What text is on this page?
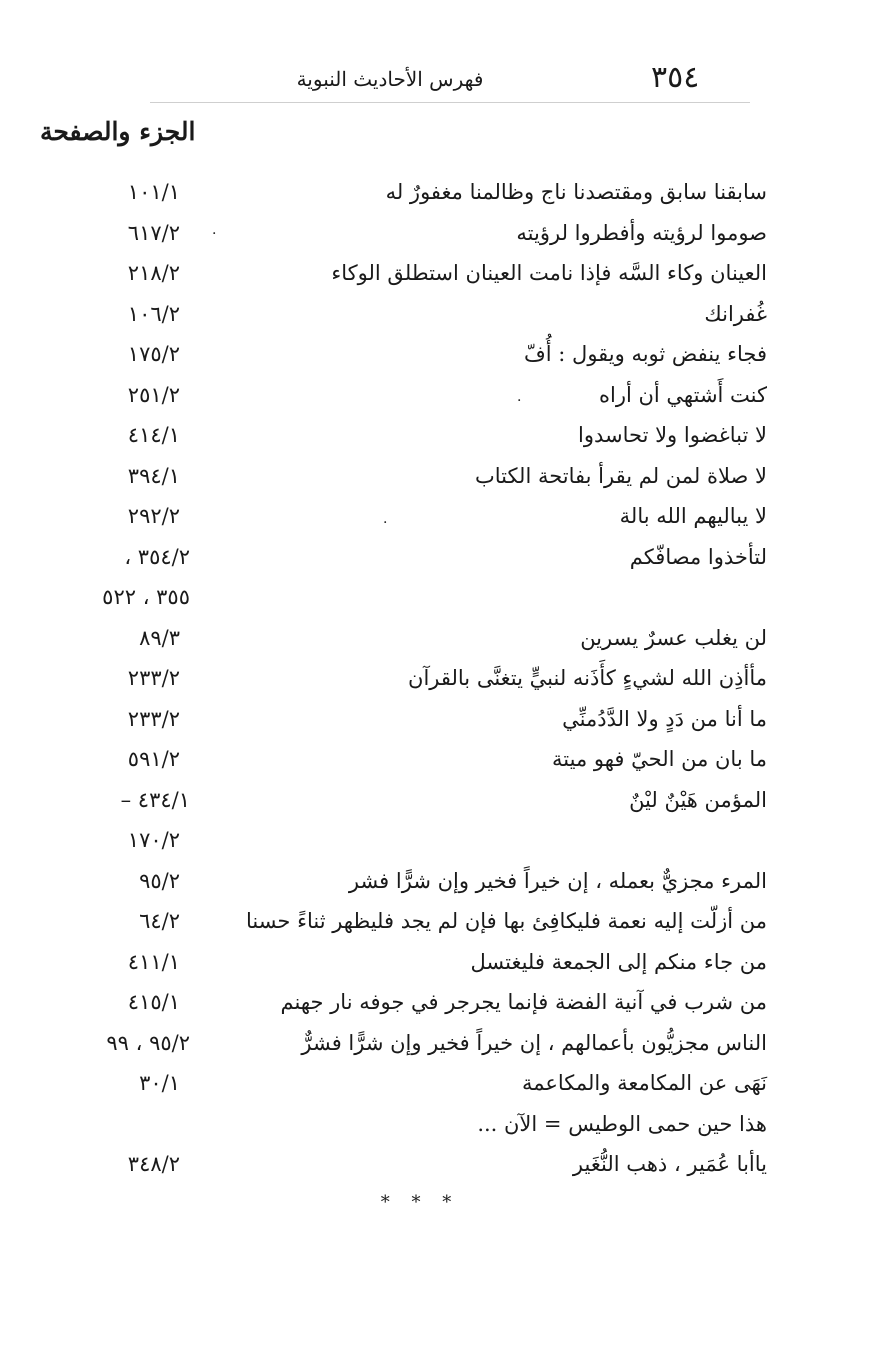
٣٥٤
فهرس الأحاديث النبوية
الجزء والصفحة
سابقنا سابق ومقتصدنا ناج وظالمنا مغفورٌ له
١٠١/١
صوموا لرؤيته وأفطروا لرؤيته
٦١٧/٢
العينان وكاء السَّه فإذا نامت العينان استطلق الوكاء
٢١٨/٢
غُفرانك
١٠٦/٢
فجاء ينفض ثوبه ويقول : أُفّ
١٧٥/٢
كنت أَشتهي أن أراه
٢٥١/٢
لا تباغضوا ولا تحاسدوا
٤١٤/١
لا صلاة لمن لم يقرأ بفاتحة الكتاب
٣٩٤/١
لا يباليهم الله بالة
٢٩٢/٢
لتأخذوا مصافّكم
٣٥٤/٢ ،
٣٥٥ ، ٥٢٢
لن يغلب عسرٌ يسرين
٨٩/٣
مأأذِن الله لشيءٍ كأَذَنه لنبيٍّ يتغنَّى بالقرآن
٢٣٣/٢
ما أنا من دَدٍ ولا الدَّدُمنِّي
٢٣٣/٢
ما بان من الحيّ فهو ميتة
٥٩١/٢
المؤمن هَيْنٌ ليْنٌ
٤٣٤/١ –
١٧٠/٢
المرء مجزيٌّ بعمله ، إن خيراً فخير وإن شرًّا فشر
٩٥/٢
من أزلّت إليه نعمة فليكافِئ بها فإن لم يجد فليظهر ثناءً حسنا
٦٤/٢
من جاء منكم إلى الجمعة فليغتسل
٤١١/١
من شرب في آنية الفضة فإنما يجرجر في جوفه نار جهنم
٤١٥/١
الناس مجزيُّون بأعمالهم ، إن خيراً فخير وإن شرًّا فشرٌّ
٩٥/٢ ، ٩٩
نَهَى عن المكامعة والمكاعمة
٣٠/١
هذا حين حمى الوطيس = الآن ...
ياأبا عُمَير ، ذهب النُّغَير
٣٤٨/٢
* * *
·
·
·
